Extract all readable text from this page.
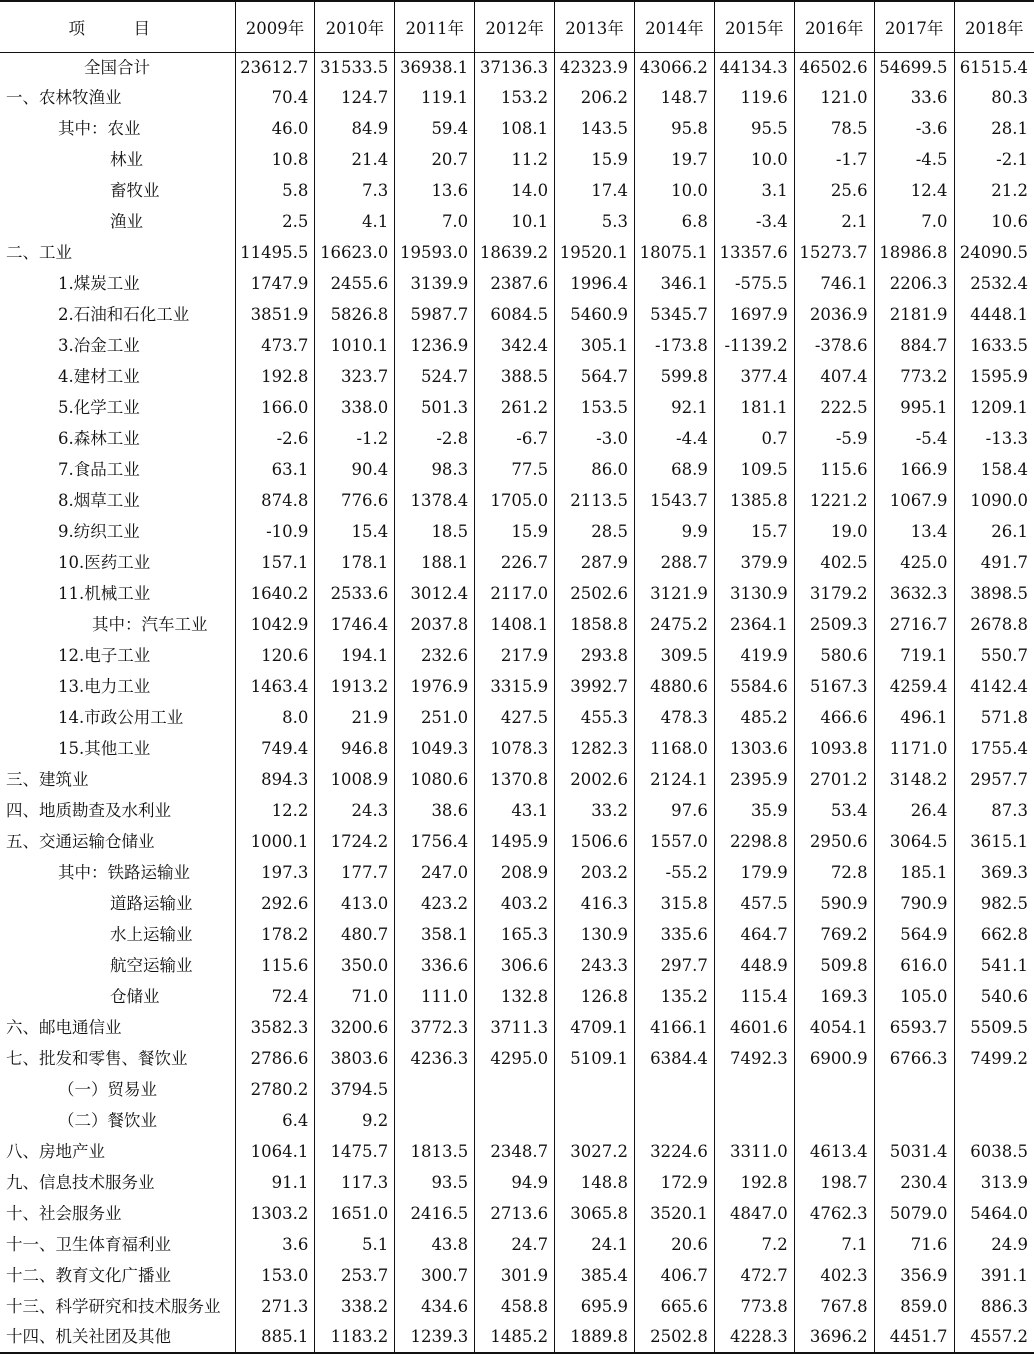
项　目	2009年	2010年	2011年	2012年	2013年	2014年	2015年	2016年	2017年	2018年
全国合计	23612.7	31533.5	36938.1	37136.3	42323.9	43066.2	44134.3	46502.6	54699.5	61515.4
一、农林牧渔业	70.4	124.7	119.1	153.2	206.2	148.7	119.6	121.0	33.6	80.3
其中：农业	46.0	84.9	59.4	108.1	143.5	95.8	95.5	78.5	-3.6	28.1
林业	10.8	21.4	20.7	11.2	15.9	19.7	10.0	-1.7	-4.5	-2.1
畜牧业	5.8	7.3	13.6	14.0	17.4	10.0	3.1	25.6	12.4	21.2
渔业	2.5	4.1	7.0	10.1	5.3	6.8	-3.4	2.1	7.0	10.6
二、工业	11495.5	16623.0	19593.0	18639.2	19520.1	18075.1	13357.6	15273.7	18986.8	24090.5
1.煤炭工业	1747.9	2455.6	3139.9	2387.6	1996.4	346.1	-575.5	746.1	2206.3	2532.4
2.石油和石化工业	3851.9	5826.8	5987.7	6084.5	5460.9	5345.7	1697.9	2036.9	2181.9	4448.1
3.冶金工业	473.7	1010.1	1236.9	342.4	305.1	-173.8	-1139.2	-378.6	884.7	1633.5
4.建材工业	192.8	323.7	524.7	388.5	564.7	599.8	377.4	407.4	773.2	1595.9
5.化学工业	166.0	338.0	501.3	261.2	153.5	92.1	181.1	222.5	995.1	1209.1
6.森林工业	-2.6	-1.2	-2.8	-6.7	-3.0	-4.4	0.7	-5.9	-5.4	-13.3
7.食品工业	63.1	90.4	98.3	77.5	86.0	68.9	109.5	115.6	166.9	158.4
8.烟草工业	874.8	776.6	1378.4	1705.0	2113.5	1543.7	1385.8	1221.2	1067.9	1090.0
9.纺织工业	-10.9	15.4	18.5	15.9	28.5	9.9	15.7	19.0	13.4	26.1
10.医药工业	157.1	178.1	188.1	226.7	287.9	288.7	379.9	402.5	425.0	491.7
11.机械工业	1640.2	2533.6	3012.4	2117.0	2502.6	3121.9	3130.9	3179.2	3632.3	3898.5
其中：汽车工业	1042.9	1746.4	2037.8	1408.1	1858.8	2475.2	2364.1	2509.3	2716.7	2678.8
12.电子工业	120.6	194.1	232.6	217.9	293.8	309.5	419.9	580.6	719.1	550.7
13.电力工业	1463.4	1913.2	1976.9	3315.9	3992.7	4880.6	5584.6	5167.3	4259.4	4142.4
14.市政公用工业	8.0	21.9	251.0	427.5	455.3	478.3	485.2	466.6	496.1	571.8
15.其他工业	749.4	946.8	1049.3	1078.3	1282.3	1168.0	1303.6	1093.8	1171.0	1755.4
三、建筑业	894.3	1008.9	1080.6	1370.8	2002.6	2124.1	2395.9	2701.2	3148.2	2957.7
四、地质勘查及水利业	12.2	24.3	38.6	43.1	33.2	97.6	35.9	53.4	26.4	87.3
五、交通运输仓储业	1000.1	1724.2	1756.4	1495.9	1506.6	1557.0	2298.8	2950.6	3064.5	3615.1
其中：铁路运输业	197.3	177.7	247.0	208.9	203.2	-55.2	179.9	72.8	185.1	369.3
道路运输业	292.6	413.0	423.2	403.2	416.3	315.8	457.5	590.9	790.9	982.5
水上运输业	178.2	480.7	358.1	165.3	130.9	335.6	464.7	769.2	564.9	662.8
航空运输业	115.6	350.0	336.6	306.6	243.3	297.7	448.9	509.8	616.0	541.1
仓储业	72.4	71.0	111.0	132.8	126.8	135.2	115.4	169.3	105.0	540.6
六、邮电通信业	3582.3	3200.6	3772.3	3711.3	4709.1	4166.1	4601.6	4054.1	6593.7	5509.5
七、批发和零售、餐饮业	2786.6	3803.6	4236.3	4295.0	5109.1	6384.4	7492.3	6900.9	6766.3	7499.2
（一）贸易业	2780.2	3794.5								
（二）餐饮业	6.4	9.2								
八、房地产业	1064.1	1475.7	1813.5	2348.7	3027.2	3224.6	3311.0	4613.4	5031.4	6038.5
九、信息技术服务业	91.1	117.3	93.5	94.9	148.8	172.9	192.8	198.7	230.4	313.9
十、社会服务业	1303.2	1651.0	2416.5	2713.6	3065.8	3520.1	4847.0	4762.3	5079.0	5464.0
十一、卫生体育福利业	3.6	5.1	43.8	24.7	24.1	20.6	7.2	7.1	71.6	24.9
十二、教育文化广播业	153.0	253.7	300.7	301.9	385.4	406.7	472.7	402.3	356.9	391.1
十三、科学研究和技术服务业	271.3	338.2	434.6	458.8	695.9	665.6	773.8	767.8	859.0	886.3
十四、机关社团及其他	885.1	1183.2	1239.3	1485.2	1889.8	2502.8	4228.3	3696.2	4451.7	4557.2
